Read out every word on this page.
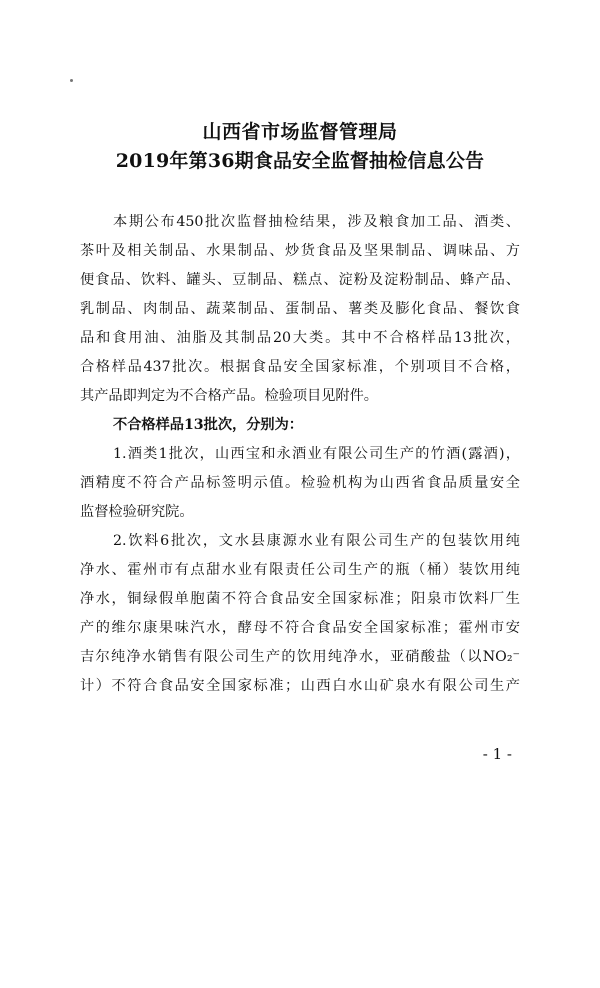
山西省市场监督管理局
2019年第36期食品安全监督抽检信息公告
本期公布450批次监督抽检结果，涉及粮食加工品、酒类、
茶叶及相关制品、水果制品、炒货食品及坚果制品、调味品、方
便食品、饮料、罐头、豆制品、糕点、淀粉及淀粉制品、蜂产品、
乳制品、肉制品、蔬菜制品、蛋制品、薯类及膨化食品、餐饮食
品和食用油、油脂及其制品20大类。其中不合格样品13批次，
合格样品437批次。根据食品安全国家标准，个别项目不合格，
其产品即判定为不合格产品。检验项目见附件。
不合格样品13批次，分别为：
1.酒类1批次，山西宝和永酒业有限公司生产的竹酒(露酒)，
酒精度不符合产品标签明示值。检验机构为山西省食品质量安全
监督检验研究院。
2.饮料6批次，文水县康源水业有限公司生产的包装饮用纯
净水、霍州市有点甜水业有限责任公司生产的瓶（桶）装饮用纯
净水，铜绿假单胞菌不符合食品安全国家标准；阳泉市饮料厂生
产的维尔康果味汽水，酵母不符合食品安全国家标准；霍州市安
吉尔纯净水销售有限公司生产的饮用纯净水，亚硝酸盐（以NO₂⁻
计）不符合食品安全国家标准；山西白水山矿泉水有限公司生产
- 1 -
